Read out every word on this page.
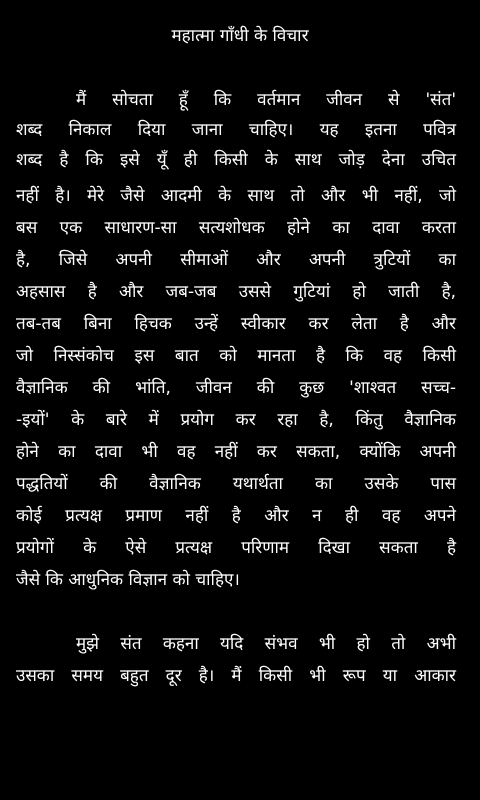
महात्मा गाँधी के विचार
मैं सोचता हूँ कि वर्तमान जीवन से 'संत'
शब्द निकाल दिया जाना चाहिए। यह इतना पवित्र
शब्द है कि इसे यूँ ही किसी के साथ जोड़ देना उचित
नहीं है। मेरे जैसे आदमी के साथ तो और भी नहीं, जो
बस एक साधारण-सा सत्यशोधक होने का दावा करता
है, जिसे अपनी सीमाओं और अपनी त्रुटियों का
अहसास है और जब-जब उससे गुटियां हो जाती है,
तब-तब बिना हिचक उन्हें स्वीकार कर लेता है और
जो निस्संकोच इस बात को मानता है कि वह किसी
वैज्ञानिक की भांति, जीवन की कुछ 'शाश्वत सच्च-
-इयों' के बारे में प्रयोग कर रहा है, किंतु वैज्ञानिक
होने का दावा भी वह नहीं कर सकता, क्योंकि अपनी
पद्धतियों की वैज्ञानिक यथार्थता का उसके पास
कोई प्रत्यक्ष प्रमाण नहीं है और न ही वह अपने
प्रयोगों के ऐसे प्रत्यक्ष परिणाम दिखा सकता है
जैसे कि आधुनिक विज्ञान को चाहिए।
मुझे संत कहना यदि संभव भी हो तो अभी
उसका समय बहुत दूर है। मैं किसी भी रूप या आकार
